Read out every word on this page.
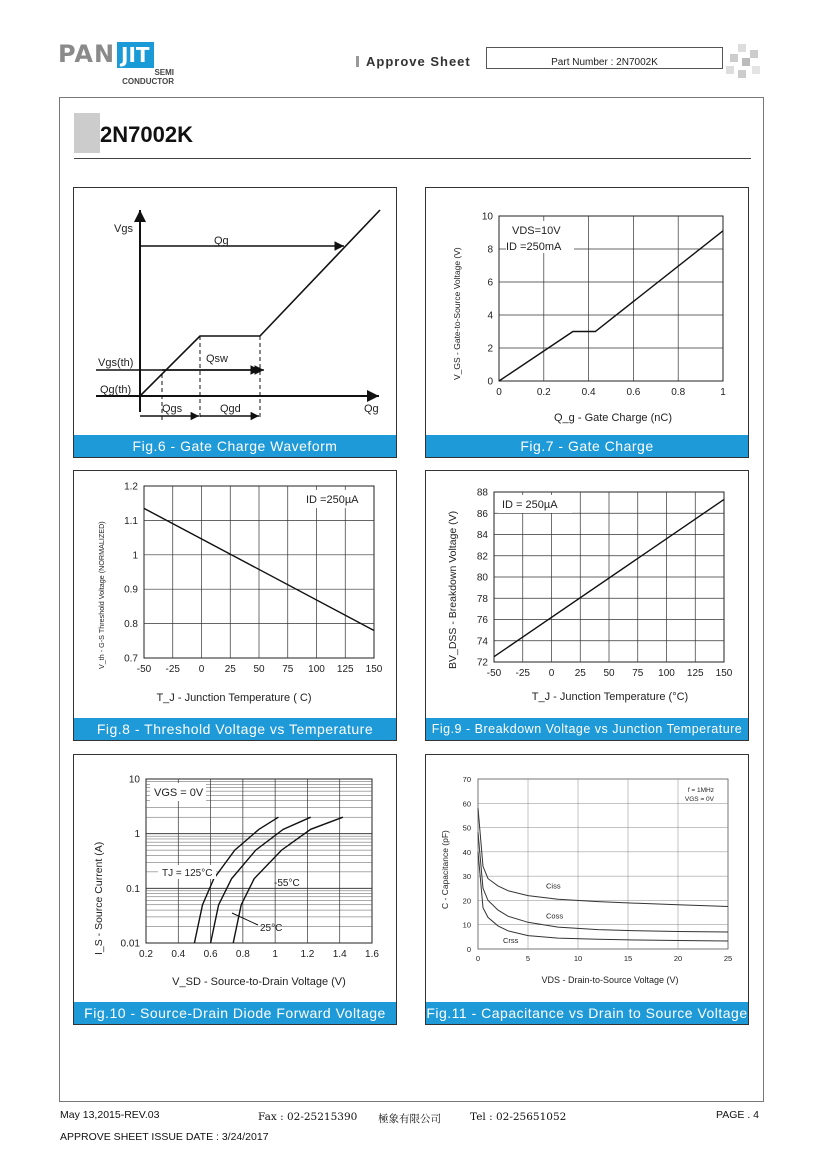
PAN JIT
SEMI
CONDUCTOR
Approve Sheet	Part Number : 2N7002K
2N7002K
Vgs
Qg
Qsw
Vgs(th)
Qg(th)
Qgs	Qgd	Qg
Fig.6 - Gate Charge Waveform
0	0.2	0.4	0.6	0.8	1
0
2
4
6
8
10
VDS=10V
ID =250mA
Q_g - Gate Charge (nC)
V_GS - Gate-to-Source Voltage (V)
Fig.7 - Gate Charge
-50 -25 0 25 50 75 100 125 150
0.7
0.8
0.9
1
1.1
1.2
ID =250µA
T_J - Junction Temperature ( C)
V_th - G-S Threshold Voltage (NORMALIZED)
Fig.8 - Threshold Voltage vs Temperature
-50 -25 0 25 50 75 100 125 150
72
74
76
78
80
82
84
86
88
ID = 250µA
T_J - Junction Temperature (°C)
BV_DSS - Breakdown Voltage (V)
Fig.9 - Breakdown Voltage vs Junction Temperature
0.01
0.1
1
10
0.2 0.4 0.6 0.8 1 1.2 1.4 1.6
VGS = 0V
TJ = 125°C
-55°C
25°C
V_SD - Source-to-Drain Voltage (V)
I_S - Source Current (A)
Fig.10 - Source-Drain Diode Forward Voltage
0	5	10	15	20	25
0
10
20
30
40
50
60
70
Ciss
Coss
Crss
f = 1MHz
VGS = 0V
VDS - Drain-to-Source Voltage (V)
C - Capacitance (pF)
Fig.11 - Capacitance vs Drain to Source Voltage
May 13,2015-REV.03	Fax : 02-25215390 極象有限公司	Tel : 02-25651052	PAGE . 4
APPROVE SHEET ISSUE DATE : 3/24/2017
